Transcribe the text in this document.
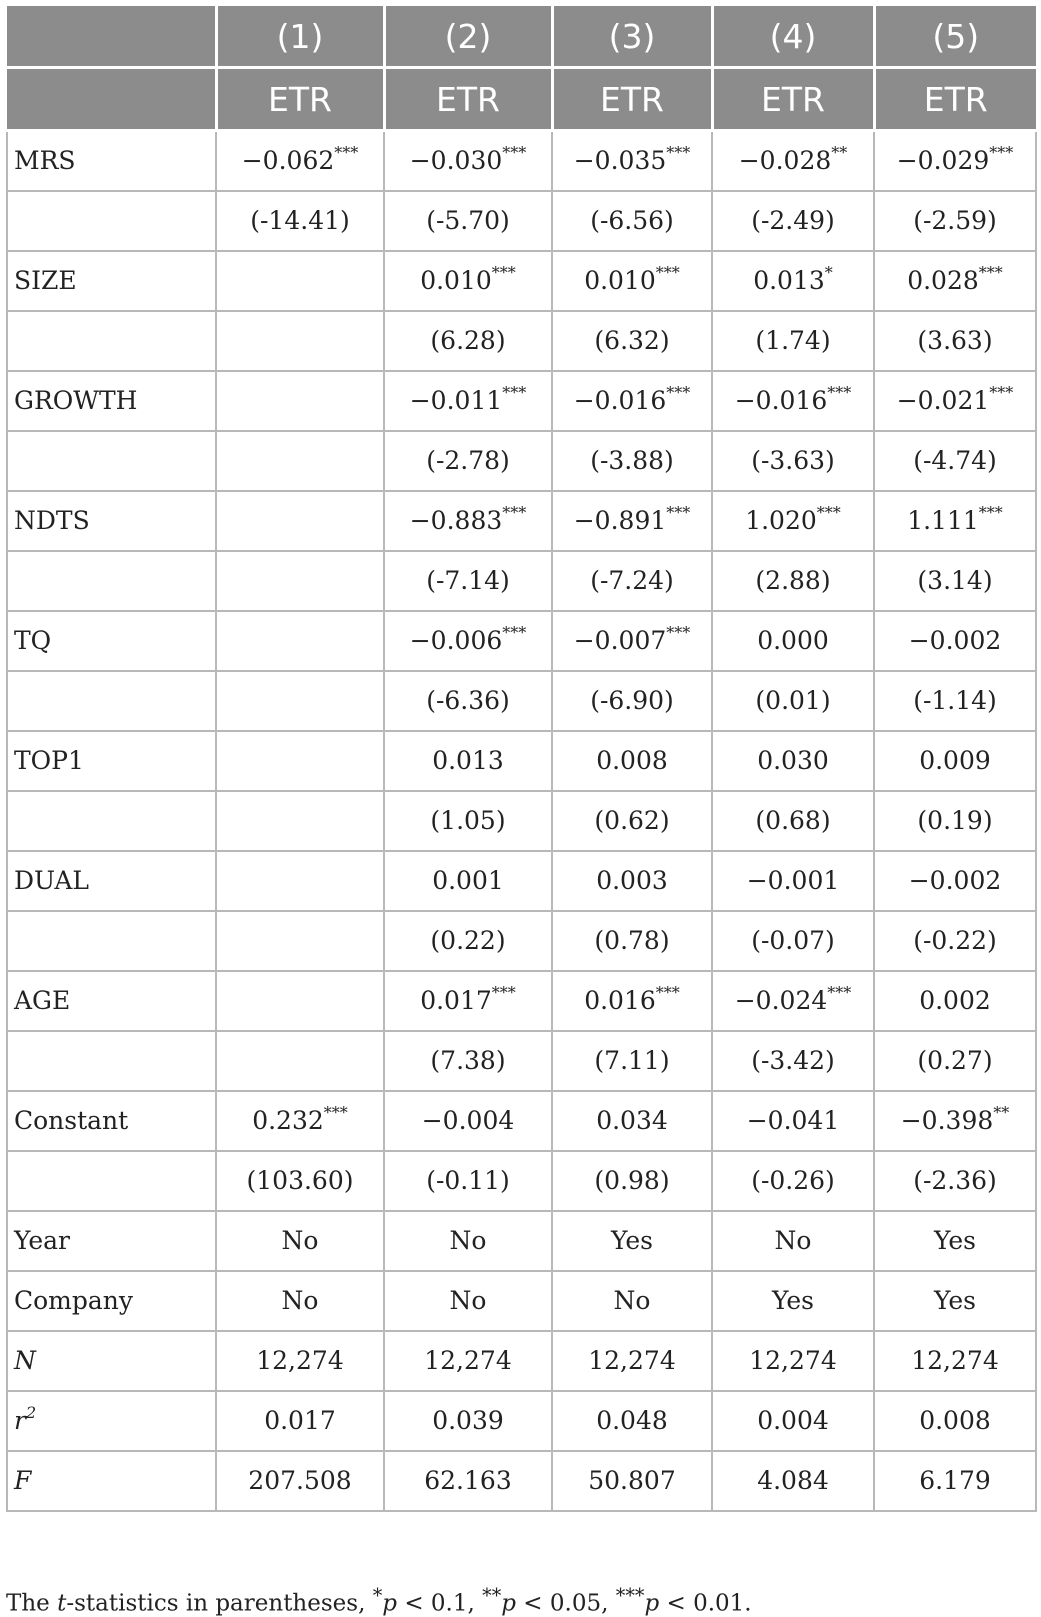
	(1)	(2)	(3)	(4)	(5)
	ETR	ETR	ETR	ETR	ETR
MRS	−0.062***	−0.030***	−0.035***	−0.028**	−0.029***
	(-14.41)	(-5.70)	(-6.56)	(-2.49)	(-2.59)
SIZE		0.010***	0.010***	0.013*	0.028***
		(6.28)	(6.32)	(1.74)	(3.63)
GROWTH		−0.011***	−0.016***	−0.016***	−0.021***
		(-2.78)	(-3.88)	(-3.63)	(-4.74)
NDTS		−0.883***	−0.891***	1.020***	1.111***
		(-7.14)	(-7.24)	(2.88)	(3.14)
TQ		−0.006***	−0.007***	0.000	−0.002
		(-6.36)	(-6.90)	(0.01)	(-1.14)
TOP1		0.013	0.008	0.030	0.009
		(1.05)	(0.62)	(0.68)	(0.19)
DUAL		0.001	0.003	−0.001	−0.002
		(0.22)	(0.78)	(-0.07)	(-0.22)
AGE		0.017***	0.016***	−0.024***	0.002
		(7.38)	(7.11)	(-3.42)	(0.27)
Constant	0.232***	−0.004	0.034	−0.041	−0.398**
	(103.60)	(-0.11)	(0.98)	(-0.26)	(-2.36)
Year	No	No	Yes	No	Yes
Company	No	No	No	Yes	Yes
N	12,274	12,274	12,274	12,274	12,274
$r^2$	0.017	0.039	0.048	0.004	0.008
F	207.508	62.163	50.807	4.084	6.179
The t-statistics in parentheses, *p < 0.1, **p < 0.05, ***p < 0.01.
